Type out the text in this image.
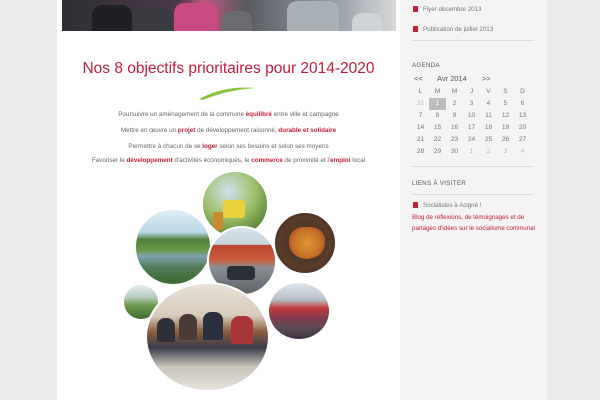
Nos 8 objectifs prioritaires pour 2014-2020
Poursuivre un aménagement de la commune équilibré entre ville et campagne
Mettre en œuvre un projet de développement raisonné, durable et solidaire
Permettre à chacun de se loger selon ses besoins et selon ses moyens
Favoriser le développement d'activités économiques, le commerce de proximité et l'emploi local
Flyer décembre 2013
Publication de juillet 2013
AGENDA
<< Avr 2014 >>
L	M	M	J	V	S	D
31	1	2	3	4	5	6
7	8	9	10	11	12	13
14	15	16	17	18	19	20
21	22	23	24	25	26	27
28	29	30	1	2	3	4
LIENS À VISITER
Socialistes à Acigné !
Blog de réflexions, de témoignages et de partages d'idées sur le socialisme communal
